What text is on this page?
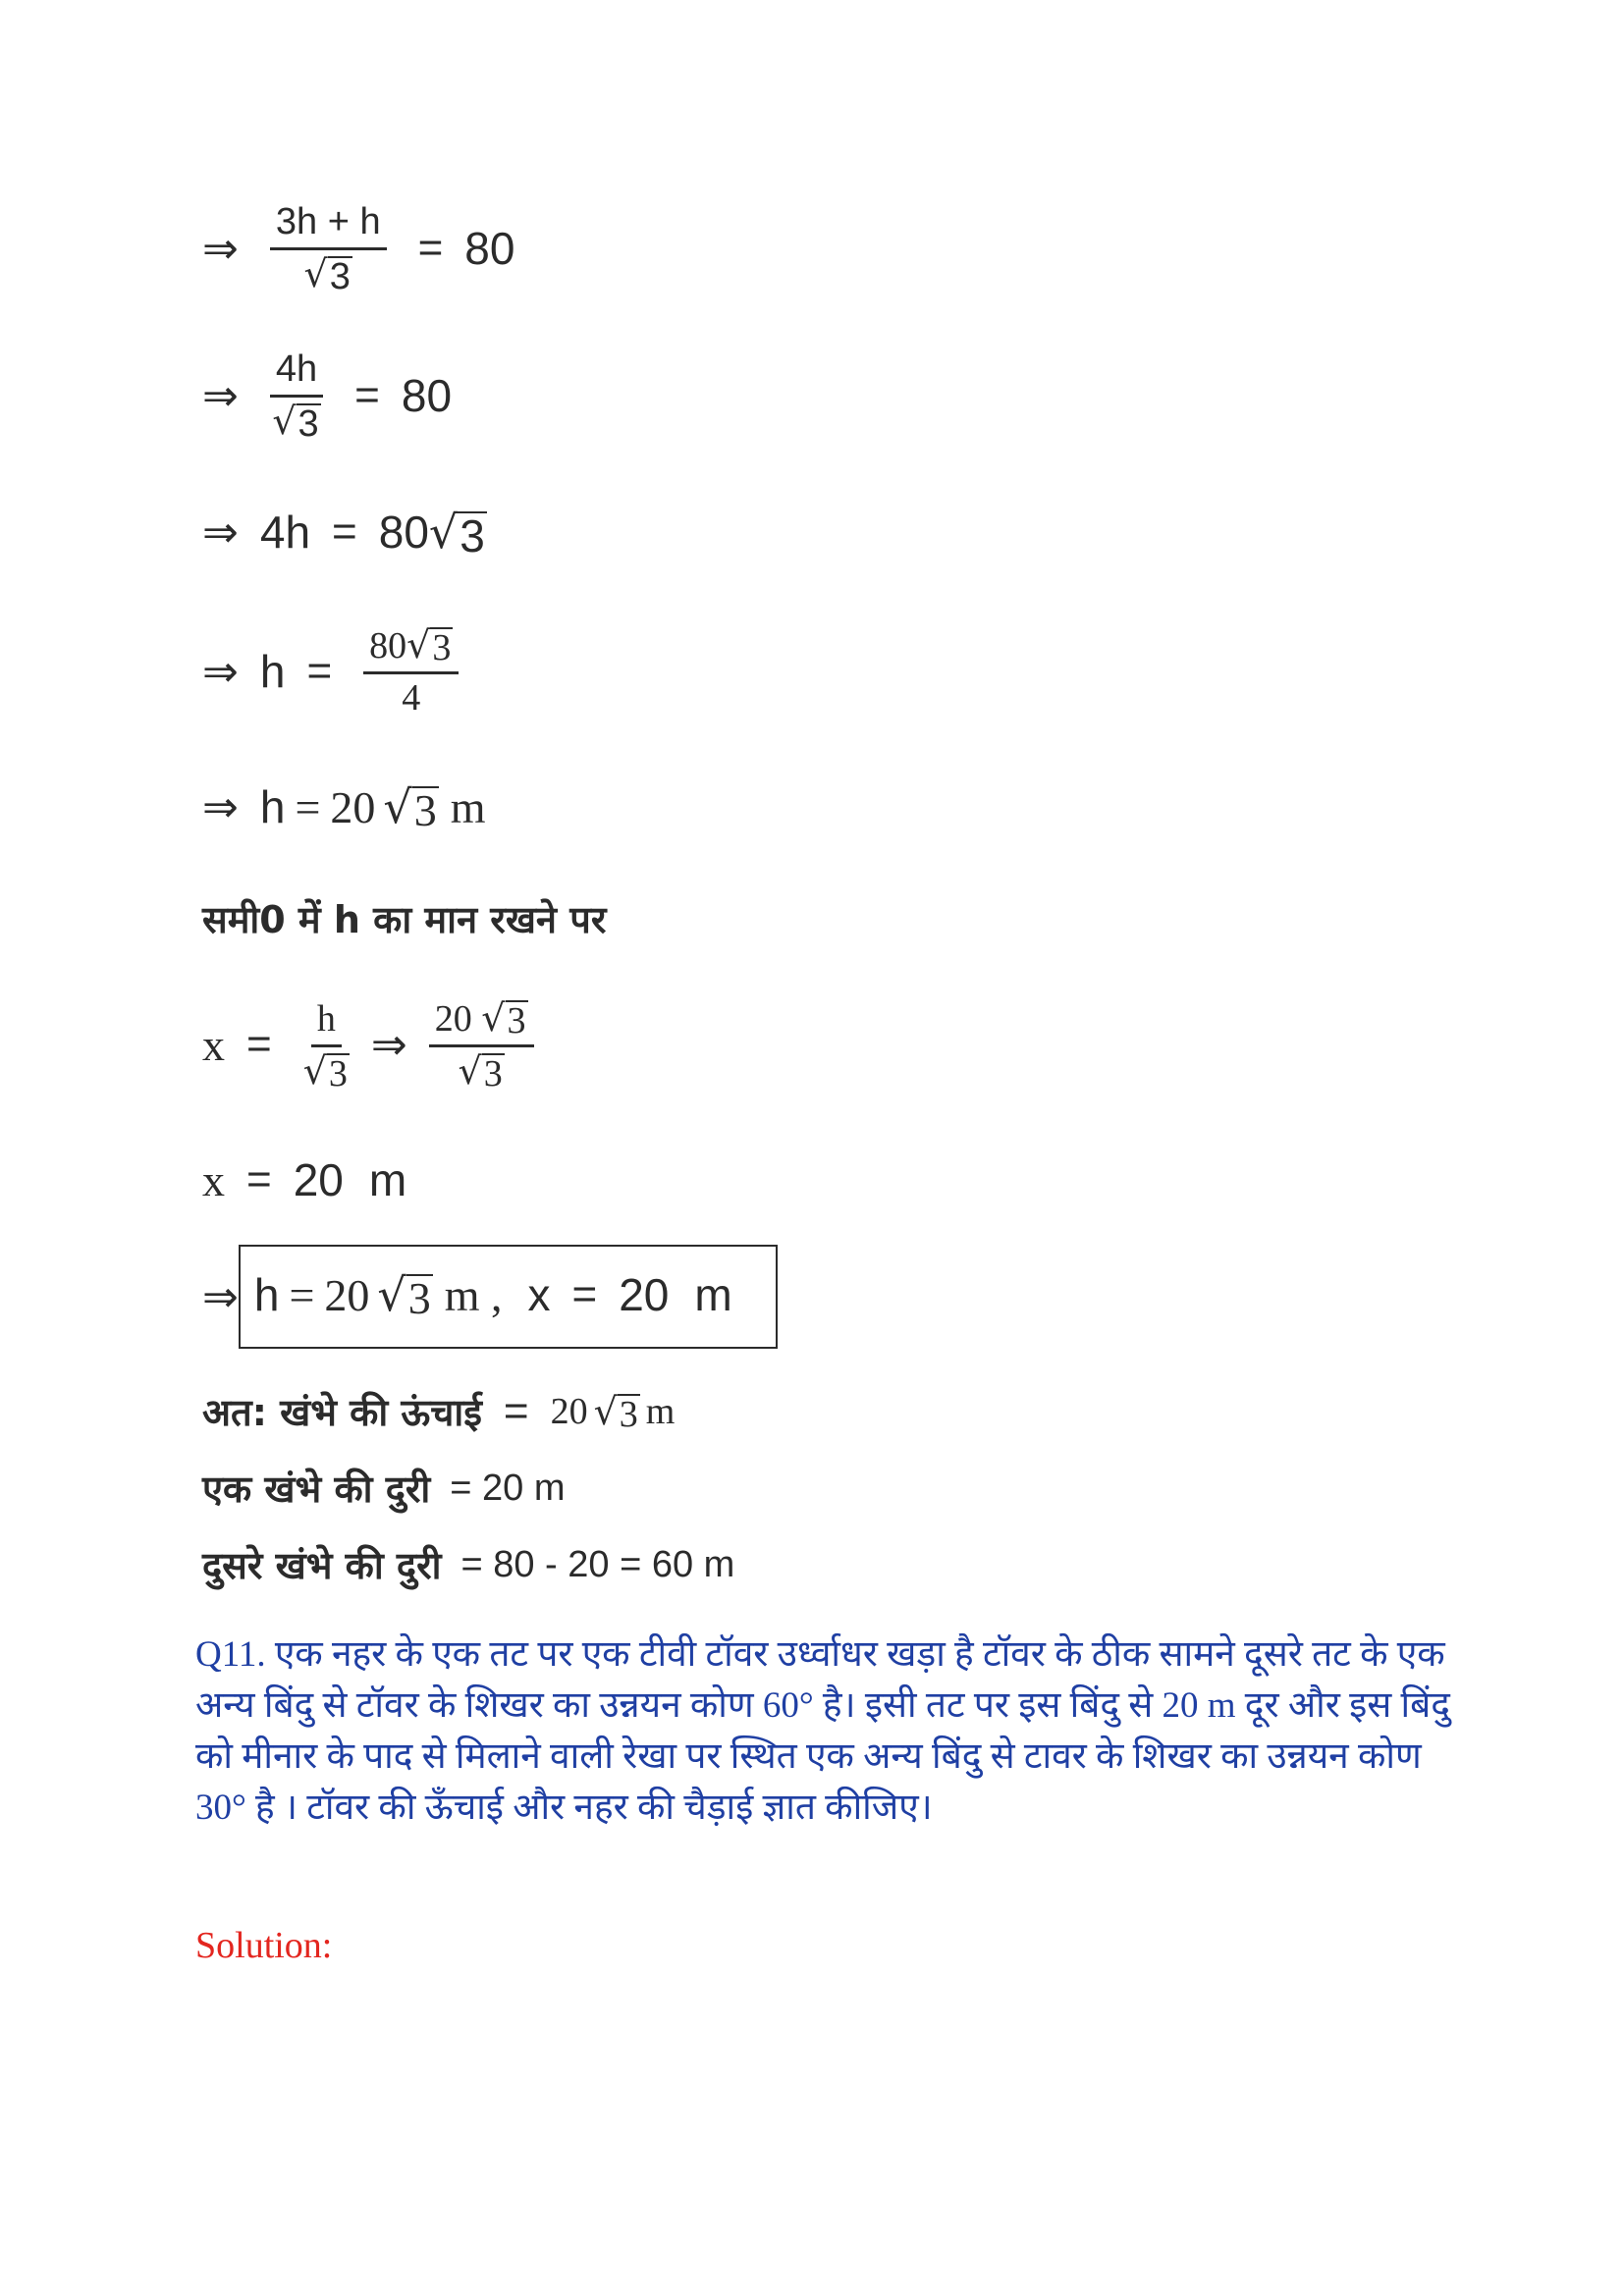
⇒ $\frac{3h + h}{√ 3} = 80$
⇒ $\frac{4h}{√ 3} = 80$
⇒ 4h = 80 √ 3
⇒ $h = \frac{80 √ 3}{4}$
⇒ h = 20 √ 3 m
समी0 में h का मान रखने पर
$x = \frac{h}{√ 3}$ ⇒ $\frac{20 √ 3}{√ 3}$
x = 20 m
⇒ h = 20 √ 3 m , x = 20 m
अत: खंभे की ऊंचाई = 20 √ 3 m
एक खंभे की दुरी = 20 m
दुसरे खंभे की दुरी = 80 - 20 = 60 m
Q11. एक नहर के एक तट पर एक टीवी टॉवर उर्ध्वाधर खड़ा है टॉवर के ठीक सामने दूसरे तट के एक अन्य बिंदु से टॉवर के शिखर का उन्नयन कोण 60° है। इसी तट पर इस बिंदु से 20 m दूर और इस बिंदु को मीनार के पाद से मिलाने वाली रेखा पर स्थित एक अन्य बिंदु से टावर के शिखर का उन्नयन कोण 30° है । टॉवर की ऊँचाई और नहर की चैड़ाई ज्ञात कीजिए।
Solution:
